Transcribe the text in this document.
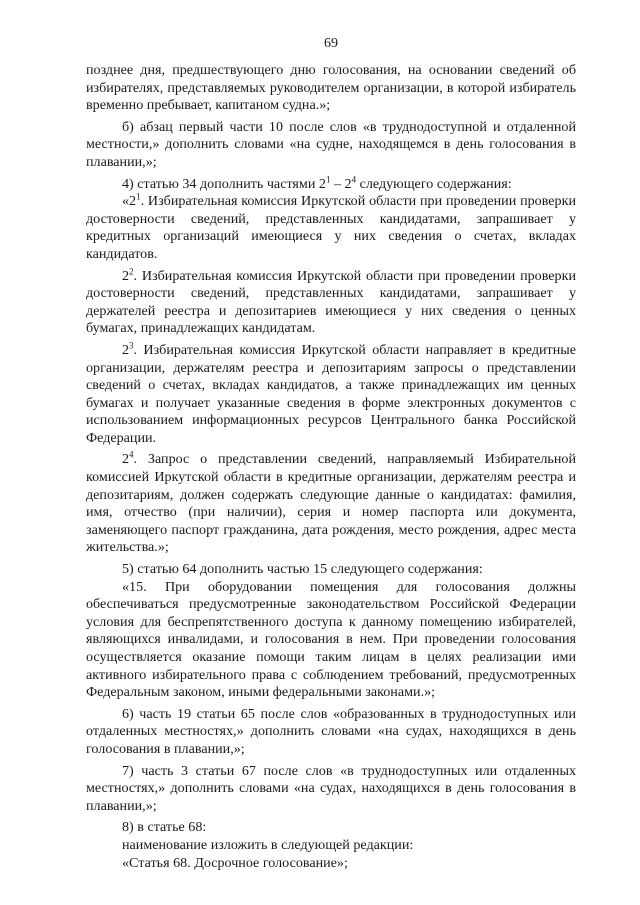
69

позднее дня, предшествующего дню голосования, на основании сведений об избирателях, представляемых руководителем организации, в которой избиратель временно пребывает, капитаном судна.»;

б) абзац первый части 10 после слов «в труднодоступной и отдаленной местности,» дополнить словами «на судне, находящемся в день голосования в плавании,»;

4) статью 34 дополнить частями $2^1 - 2^4$ следующего содержания:

«$2^1$. Избирательная комиссия Иркутской области при проведении проверки достоверности сведений, представленных кандидатами, запрашивает у кредитных организаций имеющиеся у них сведения о счетах, вкладах кандидатов.

$2^2$. Избирательная комиссия Иркутской области при проведении проверки достоверности сведений, представленных кандидатами, запрашивает у держателей реестра и депозитариев имеющиеся у них сведения о ценных бумагах, принадлежащих кандидатам.

$2^3$. Избирательная комиссия Иркутской области направляет в кредитные организации, держателям реестра и депозитариям запросы о представлении сведений о счетах, вкладах кандидатов, а также принадлежащих им ценных бумагах и получает указанные сведения в форме электронных документов с использованием информационных ресурсов Центрального банка Российской Федерации.

$2^4$. Запрос о представлении сведений, направляемый Избирательной комиссией Иркутской области в кредитные организации, держателям реестра и депозитариям, должен содержать следующие данные о кандидатах: фамилия, имя, отчество (при наличии), серия и номер паспорта или документа, заменяющего паспорт гражданина, дата рождения, место рождения, адрес места жительства.»;

5) статью 64 дополнить частью 15 следующего содержания:

«15. При оборудовании помещения для голосования должны обеспечиваться предусмотренные законодательством Российской Федерации условия для беспрепятственного доступа к данному помещению избирателей, являющихся инвалидами, и голосования в нем. При проведении голосования осуществляется оказание помощи таким лицам в целях реализации ими активного избирательного права с соблюдением требований, предусмотренных Федеральным законом, иными федеральными законами.»;

6) часть 19 статьи 65 после слов «образованных в труднодоступных или отдаленных местностях,» дополнить словами «на судах, находящихся в день голосования в плавании,»;

7) часть 3 статьи 67 после слов «в труднодоступных или отдаленных местностях,» дополнить словами «на судах, находящихся в день голосования в плавании,»;

8) в статье 68:

наименование изложить в следующей редакции:

«Статья 68. Досрочное голосование»;
